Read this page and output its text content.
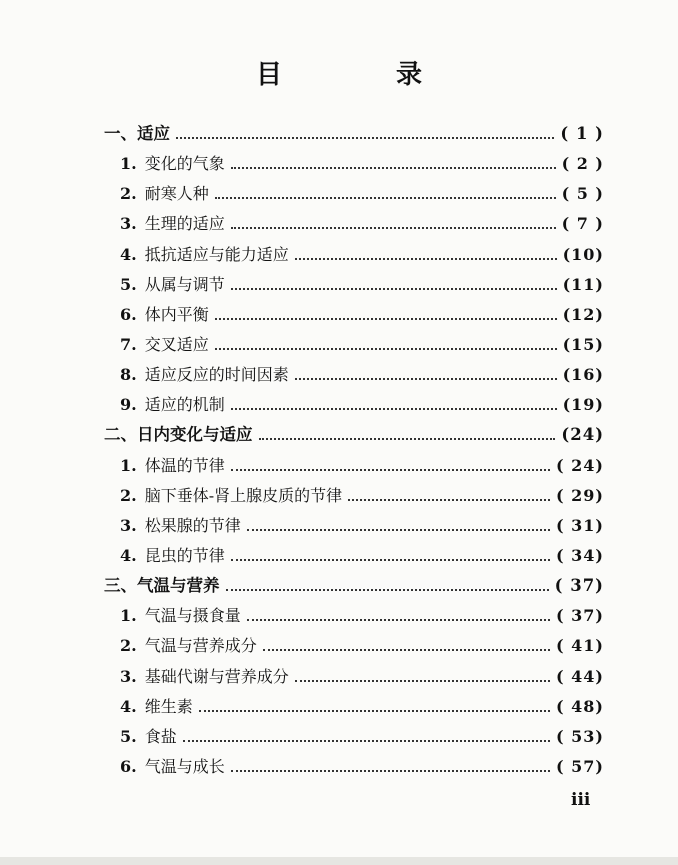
目　录
一、 适应	( 1 )
1. 变化的气象	( 2 )
2. 耐寒人种	( 5 )
3. 生理的适应	( 7 )
4. 抵抗适应与能力适应	(10)
5. 从属与调节	(11)
6. 体内平衡	(12)
7. 交叉适应	(15)
8. 适应反应的时间因素	(16)
9. 适应的机制	(19)
二、 日内变化与适应	(24)
1. 体温的节律	( 24)
2. 脑下垂体-肾上腺皮质的节律	( 29)
3. 松果腺的节律	( 31)
4. 昆虫的节律	( 34)
三、 气温与营养	( 37)
1. 气温与摄食量	( 37)
2. 气温与营养成分	( 41)
3. 基础代谢与营养成分	( 44)
4. 维生素	( 48)
5. 食盐	( 53)
6. 气温与成长	( 57)
iii
